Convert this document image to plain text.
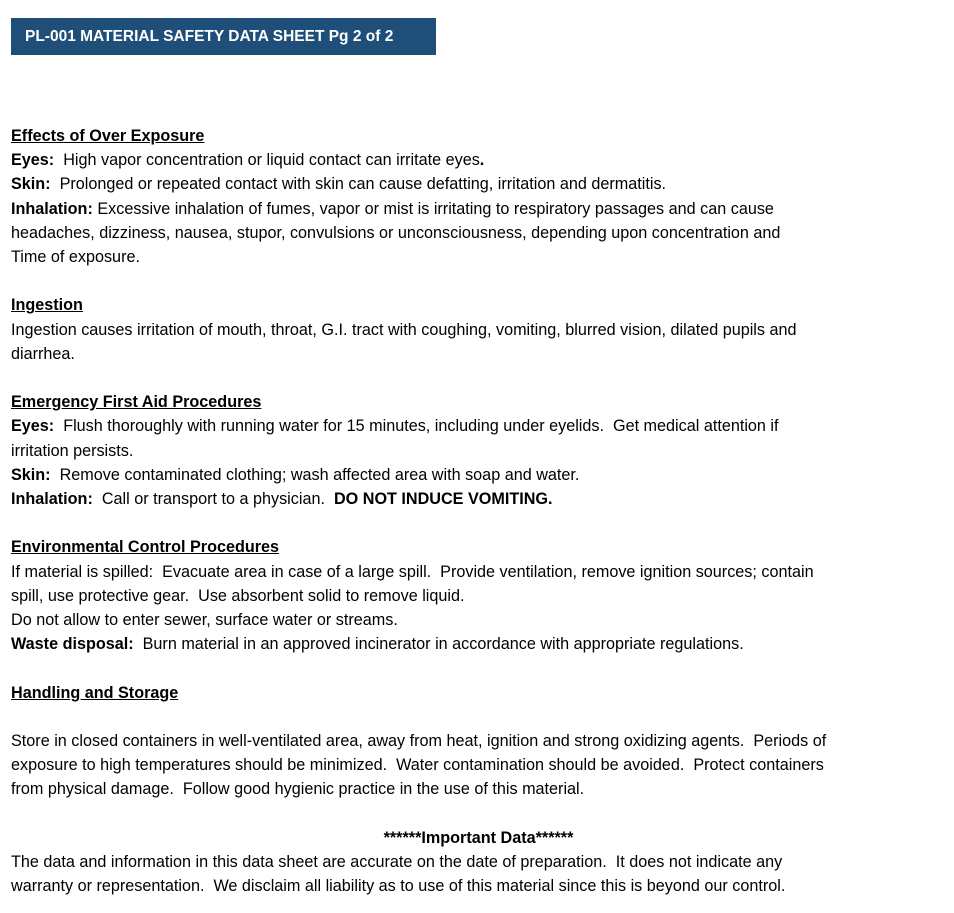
PL-001 MATERIAL SAFETY DATA SHEET Pg 2 of 2

Effects of Over Exposure

Eyes:  High vapor concentration or liquid contact can irritate eyes.

Skin:  Prolonged or repeated contact with skin can cause defatting, irritation and dermatitis.

Inhalation: Excessive inhalation of fumes, vapor or mist is irritating to respiratory passages and can cause

headaches, dizziness, nausea, stupor, convulsions or unconsciousness, depending upon concentration and

Time of exposure.

Ingestion

Ingestion causes irritation of mouth, throat, G.I. tract with coughing, vomiting, blurred vision, dilated pupils and

diarrhea.

Emergency First Aid Procedures

Eyes:  Flush thoroughly with running water for 15 minutes, including under eyelids.  Get medical attention if

irritation persists.

Skin:  Remove contaminated clothing; wash affected area with soap and water.

Inhalation:  Call or transport to a physician.  DO NOT INDUCE VOMITING.

Environmental Control Procedures

If material is spilled:  Evacuate area in case of a large spill.  Provide ventilation, remove ignition sources; contain

spill, use protective gear.  Use absorbent solid to remove liquid.

Do not allow to enter sewer, surface water or streams.

Waste disposal:  Burn material in an approved incinerator in accordance with appropriate regulations.

Handling and Storage

Store in closed containers in well-ventilated area, away from heat, ignition and strong oxidizing agents.  Periods of

exposure to high temperatures should be minimized.  Water contamination should be avoided.  Protect containers

from physical damage.  Follow good hygienic practice in the use of this material.

******Important Data******

The data and information in this data sheet are accurate on the date of preparation.  It does not indicate any

warranty or representation.  We disclaim all liability as to use of this material since this is beyond our control.
